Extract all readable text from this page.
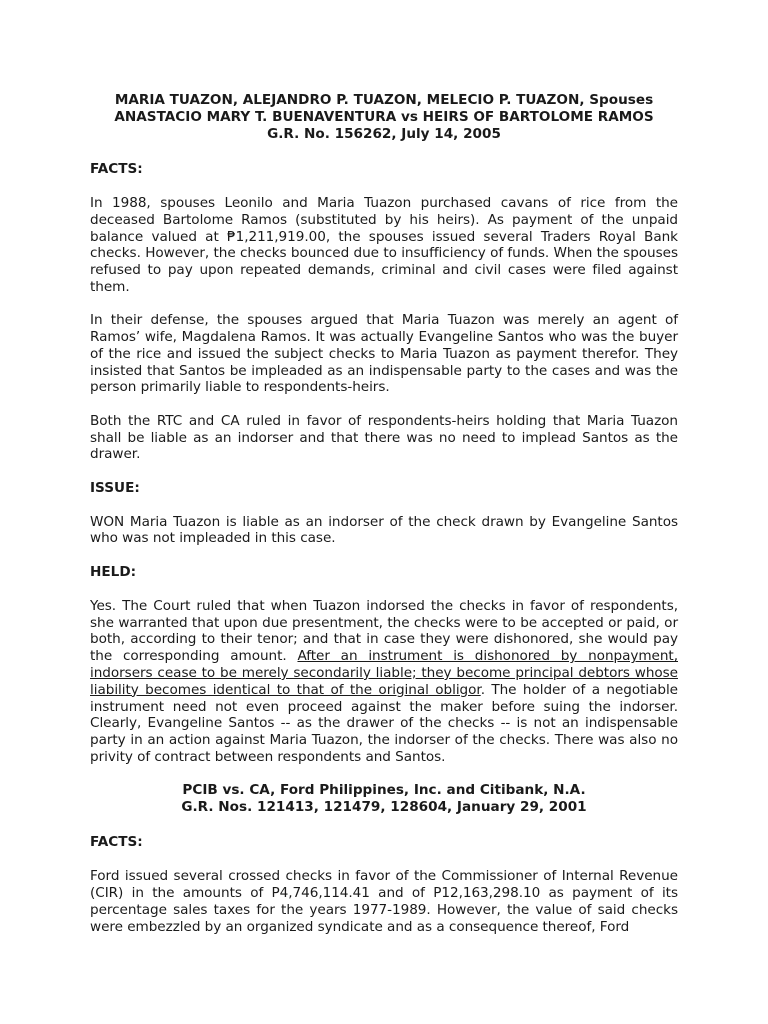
MARIA TUAZON, ALEJANDRO P. TUAZON, MELECIO P. TUAZON, Spouses
ANASTACIO MARY T. BUENAVENTURA vs HEIRS OF BARTOLOME RAMOS
G.R. No. 156262, July 14, 2005
FACTS:

In 1988, spouses Leonilo and Maria Tuazon purchased cavans of rice from the deceased Bartolome Ramos (substituted by his heirs). As payment of the unpaid balance valued at ₱1,211,919.00, the spouses issued several Traders Royal Bank checks. However, the checks bounced due to insufficiency of funds. When the spouses refused to pay upon repeated demands, criminal and civil cases were filed against them.

In their defense, the spouses argued that Maria Tuazon was merely an agent of Ramos’ wife, Magdalena Ramos. It was actually Evangeline Santos who was the buyer of the rice and issued the subject checks to Maria Tuazon as payment therefor. They insisted that Santos be impleaded as an indispensable party to the cases and was the person primarily liable to respondents-heirs.

Both the RTC and CA ruled in favor of respondents-heirs holding that Maria Tuazon shall be liable as an indorser and that there was no need to implead Santos as the drawer.

ISSUE:

WON Maria Tuazon is liable as an indorser of the check drawn by Evangeline Santos who was not impleaded in this case.

HELD:

Yes. The Court ruled that when Tuazon indorsed the checks in favor of respondents, she warranted that upon due presentment, the checks were to be accepted or paid, or both, according to their tenor; and that in case they were dishonored, she would pay the corresponding amount. After an instrument is dishonored by nonpayment, indorsers cease to be merely secondarily liable; they become principal debtors whose liability becomes identical to that of the original obligor. The holder of a negotiable instrument need not even proceed against the maker before suing the indorser. Clearly, Evangeline Santos -- as the drawer of the checks -- is not an indispensable party in an action against Maria Tuazon, the indorser of the checks. There was also no privity of contract between respondents and Santos.

PCIB vs. CA, Ford Philippines, Inc. and Citibank, N.A.
G.R. Nos. 121413, 121479, 128604, January 29, 2001
FACTS:

Ford issued several crossed checks in favor of the Commissioner of Internal Revenue (CIR) in the amounts of P4,746,114.41 and of P12,163,298.10 as payment of its percentage sales taxes for the years 1977-1989. However, the value of said checks were embezzled by an organized syndicate and as a consequence thereof, Ford
